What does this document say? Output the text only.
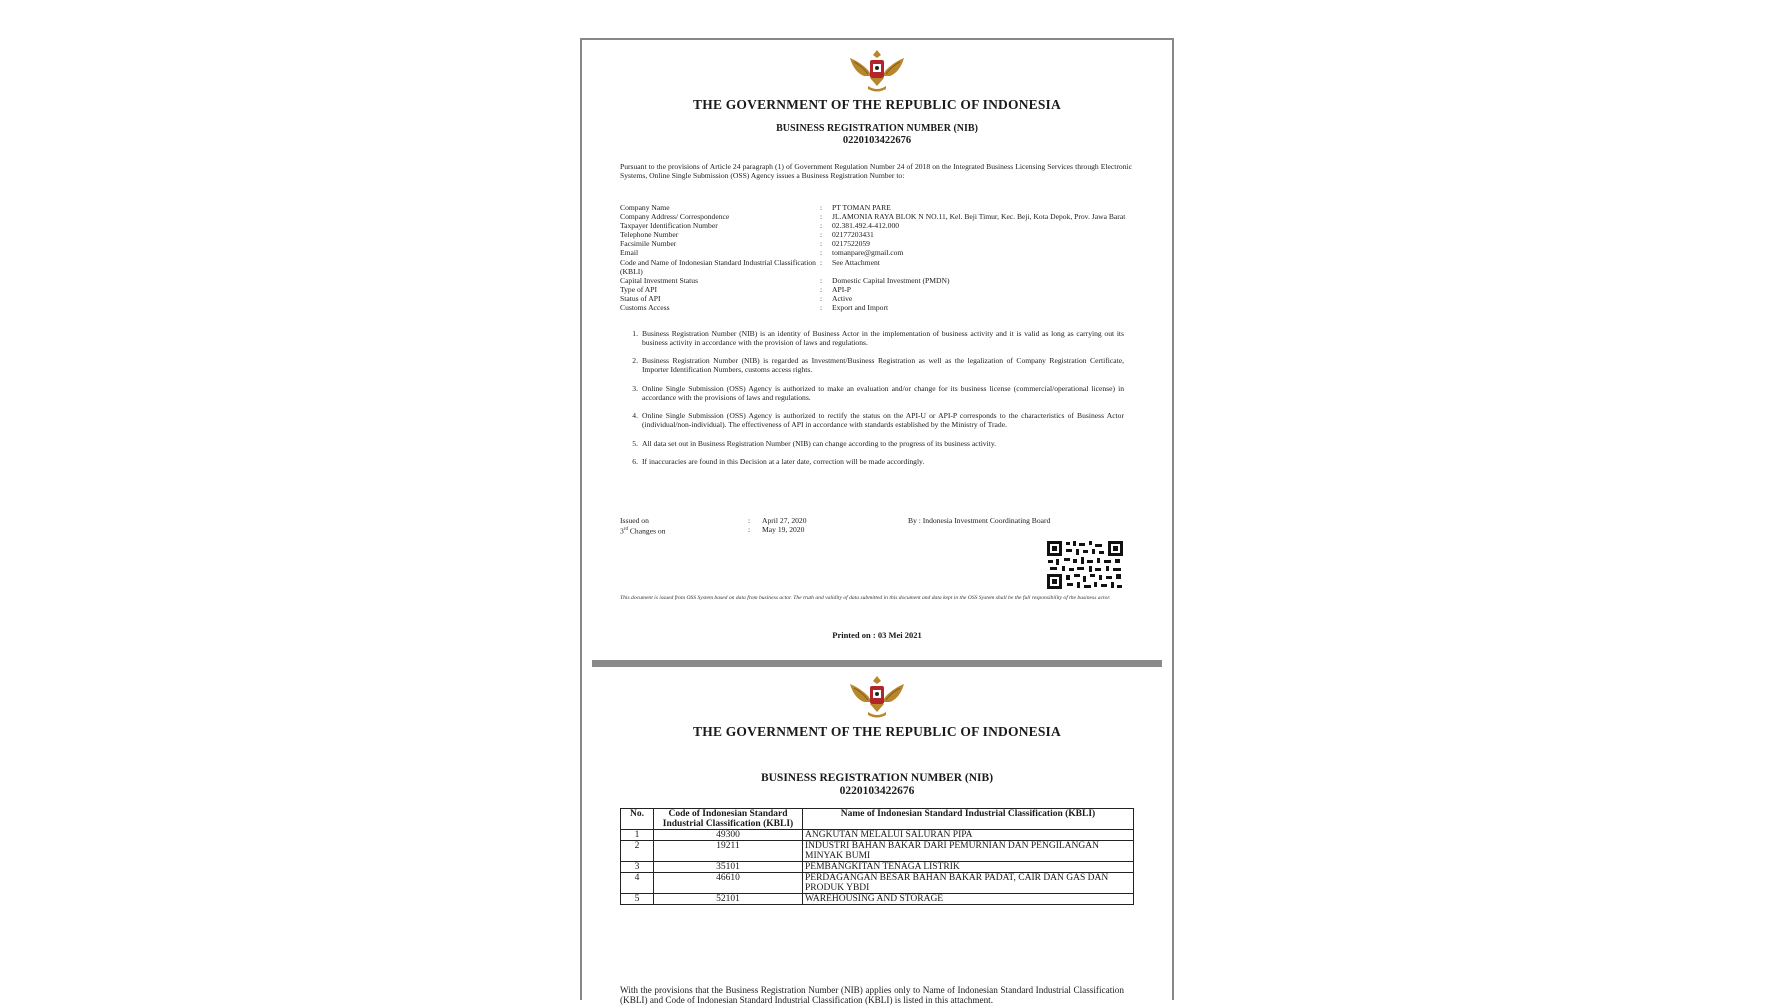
THE GOVERNMENT OF THE REPUBLIC OF INDONESIA
BUSINESS REGISTRATION NUMBER (NIB)
0220103422676
Pursuant to the provisions of Article 24 paragraph (1) of Government Regulation Number 24 of 2018 on the Integrated Business Licensing Services through Electronic Systems, Online Single Submission (OSS) Agency issues a Business Registration Number to:
Company Name	:	PT TOMAN PARE
Company Address/ Correspondence	:	JL.AMONIA RAYA BLOK N NO.11, Kel. Beji Timur, Kec. Beji, Kota Depok, Prov. Jawa Barat
Taxpayer Identification Number	:	02.381.492.4-412.000
Telephone Number	:	02177203431
Facsimile Number	:	0217522059
Email	:	tomanpare@gmail.com
Code and Name of Indonesian Standard Industrial Classification (KBLI)
:	See Attachment
Capital Investment Status	:	Domestic Capital Investment (PMDN)
Type of API	:	API-P
Status of API	:	Active
Customs Access	:	Export and Import
1. Business Registration Number (NIB) is an identity of Business Actor in the implementation of business activity and it is valid as long as carrying out its business activity in accordance with the provision of laws and regulations.
2. Business Registration Number (NIB) is regarded as Investment/Business Registration as well as the legalization of Company Registration Certificate, Importer Identification Numbers, customs access rights.
3. Online Single Submission (OSS) Agency is authorized to make an evaluation and/or change for its business license (commercial/operational license) in accordance with the provisions of laws and regulations.
4. Online Single Submission (OSS) Agency is authorized to rectify the status on the API-U or API-P corresponds to the characteristics of Business Actor (individual/non-individual). The effectiveness of API in accordance with standards established by the Ministry of Trade.
5. All data set out in Business Registration Number (NIB) can change according to the progress of its business activity.
6. If inaccuracies are found in this Decision at a later date, correction will be made accordingly.
Issued on	:	April 27, 2020
3rd Changes on	:	May 19, 2020
By : Indonesia Investment Coordinating Board
This document is issued from OSS System based on data from business actor. The truth and validity of data submitted in this document and data kept in the OSS System shall be the full responsibility of the business actor.
Printed on : 03 Mei 2021
THE GOVERNMENT OF THE REPUBLIC OF INDONESIA
BUSINESS REGISTRATION NUMBER (NIB)
0220103422676
No.	Code of Indonesian Standard Industrial Classification (KBLI)	Name of Indonesian Standard Industrial Classification (KBLI)
1	49300	ANGKUTAN MELALUI SALURAN PIPA
2	19211	INDUSTRI BAHAN BAKAR DARI PEMURNIAN DAN PENGILANGAN MINYAK BUMI
3	35101	PEMBANGKITAN TENAGA LISTRIK
4	46610	PERDAGANGAN BESAR BAHAN BAKAR PADAT, CAIR DAN GAS DAN PRODUK YBDI
5	52101	WAREHOUSING AND STORAGE
With the provisions that the Business Registration Number (NIB) applies only to Name of Indonesian Standard Industrial Classification (KBLI) and Code of Indonesian Standard Industrial Classification (KBLI) is listed in this attachment.
